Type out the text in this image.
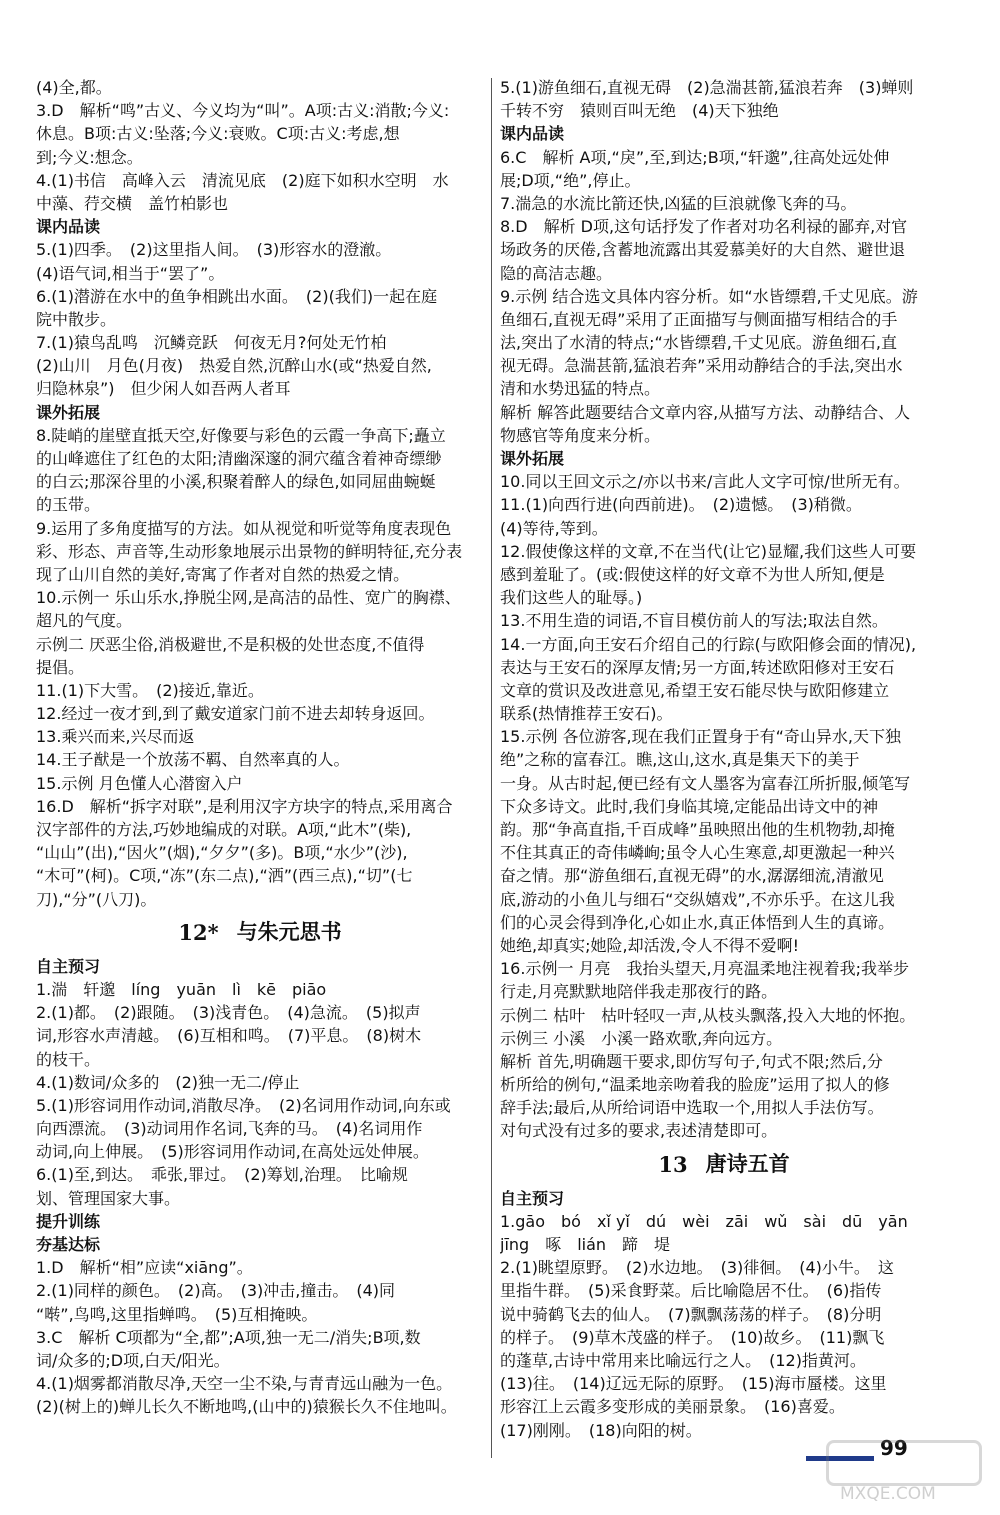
(4)全,都。
3.D　解析“鸣”古义、今义均为“叫”。A项:古义:消散;今义:
休息。B项:古义:坠落;今义:衰败。C项:古义:考虑,想
到;今义:想念。
4.(1)书信　高峰入云　清流见底　(2)庭下如积水空明　水
中藻、荇交横　盖竹柏影也
课内品读
5.(1)四季。　(2)这里指人间。　(3)形容水的澄澈。
(4)语气词,相当于“罢了”。
6.(1)潜游在水中的鱼争相跳出水面。　(2)(我们)一起在庭
院中散步。
7.(1)猿鸟乱鸣　沉鳞竞跃　何夜无月?何处无竹柏
(2)山川　月色(月夜)　热爱自然,沉醉山水(或“热爱自然,
归隐林泉”)　但少闲人如吾两人者耳
课外拓展
8.陡峭的崖壁直抵天空,好像要与彩色的云霞一争高下;矗立
的山峰遮住了红色的太阳;清幽深邃的洞穴蕴含着神奇缥缈
的白云;那深谷里的小溪,积聚着醉人的绿色,如同屈曲蜿蜒
的玉带。
9.运用了多角度描写的方法。如从视觉和听觉等角度表现色
彩、形态、声音等,生动形象地展示出景物的鲜明特征,充分表
现了山川自然的美好,寄寓了作者对自然的热爱之情。
10.示例一 乐山乐水,挣脱尘网,是高洁的品性、宽广的胸襟、
超凡的气度。
示例二 厌恶尘俗,消极避世,不是积极的处世态度,不值得
提倡。
11.(1)下大雪。　(2)接近,靠近。
12.经过一夜才到,到了戴安道家门前不进去却转身返回。
13.乘兴而来,兴尽而返
14.王子猷是一个放荡不羁、自然率真的人。
15.示例 月色懂人心潜窗入户
16.D　解析“拆字对联”,是利用汉字方块字的特点,采用离合
汉字部件的方法,巧妙地编成的对联。A项,“此木”(柴),
“山山”(出),“因火”(烟),“夕夕”(多)。B项,“水少”(沙),
“木可”(柯)。C项,“冻”(东二点),“洒”(西三点),“切”(七
刀),“分”(八刀)。
12* 与朱元思书
自主预习
1.湍　轩邈　líng　yuān　lì　kē　piāo
2.(1)都。　(2)跟随。　(3)浅青色。　(4)急流。　(5)拟声
词,形容水声清越。　(6)互相和鸣。　(7)平息。　(8)树木
的枝干。
4.(1)数词/众多的　(2)独一无二/停止
5.(1)形容词用作动词,消散尽净。　(2)名词用作动词,向东或
向西漂流。　(3)动词用作名词,飞奔的马。　(4)名词用作
动词,向上伸展。　(5)形容词用作动词,在高处远处伸展。
6.(1)至,到达。　乖张,罪过。　(2)筹划,治理。　比喻规
划、管理国家大事。
提升训练
夯基达标
1.D　解析“相”应读“xiāng”。
2.(1)同样的颜色。　(2)高。　(3)冲击,撞击。　(4)同
“啭”,鸟鸣,这里指蝉鸣。　(5)互相掩映。
3.C　解析 C项都为“全,都”;A项,独一无二/消失;B项,数
词/众多的;D项,白天/阳光。
4.(1)烟雾都消散尽净,天空一尘不染,与青青远山融为一色。
(2)(树上的)蝉儿长久不断地鸣,(山中的)猿猴长久不住地叫。
5.(1)游鱼细石,直视无碍　(2)急湍甚箭,猛浪若奔　(3)蝉则
千转不穷　猿则百叫无绝　(4)天下独绝
课内品读
6.C　解析 A项,“戾”,至,到达;B项,“轩邈”,往高处远处伸
展;D项,“绝”,停止。
7.湍急的水流比箭还快,凶猛的巨浪就像飞奔的马。
8.D　解析 D项,这句话抒发了作者对功名利禄的鄙弃,对官
场政务的厌倦,含蓄地流露出其爱慕美好的大自然、避世退
隐的高洁志趣。
9.示例 结合选文具体内容分析。如“水皆缥碧,千丈见底。游
鱼细石,直视无碍”采用了正面描写与侧面描写相结合的手
法,突出了水清的特点;“水皆缥碧,千丈见底。游鱼细石,直
视无碍。急湍甚箭,猛浪若奔”采用动静结合的手法,突出水
清和水势迅猛的特点。
解析 解答此题要结合文章内容,从描写方法、动静结合、人
物感官等角度来分析。
课外拓展
10.同以王回文示之/亦以书来/言此人文字可惊/世所无有。
11.(1)向西行进(向西前进)。　(2)遗憾。　(3)稍微。
(4)等待,等到。
12.假使像这样的文章,不在当代(让它)显耀,我们这些人可要
感到羞耻了。(或:假使这样的好文章不为世人所知,便是
我们这些人的耻辱。)
13.不用生造的词语,不盲目模仿前人的写法;取法自然。
14.一方面,向王安石介绍自己的行踪(与欧阳修会面的情况),
表达与王安石的深厚友情;另一方面,转述欧阳修对王安石
文章的赏识及改进意见,希望王安石能尽快与欧阳修建立
联系(热情推荐王安石)。
15.示例 各位游客,现在我们正置身于有“奇山异水,天下独
绝”之称的富春江。瞧,这山,这水,真是集天下的美于
一身。从古时起,便已经有文人墨客为富春江所折服,倾笔写
下众多诗文。此时,我们身临其境,定能品出诗文中的神
韵。那“争高直指,千百成峰”虽映照出他的生机物勃,却掩
不住其真正的奇伟嶙峋;虽令人心生寒意,却更激起一种兴
奋之情。那“游鱼细石,直视无碍”的水,潺潺细流,清澈见
底,游动的小鱼儿与细石“交纵嬉戏”,不亦乐乎。在这儿我
们的心灵会得到净化,心如止水,真正体悟到人生的真谛。
她绝,却真实;她险,却活泼,令人不得不爱啊!
16.示例一 月亮　我抬头望天,月亮温柔地注视着我;我举步
行走,月亮默默地陪伴我走那夜行的路。
示例二 枯叶　枯叶轻叹一声,从枝头飘落,投入大地的怀抱。
示例三 小溪　小溪一路欢歌,奔向远方。
解析 首先,明确题干要求,即仿写句子,句式不限;然后,分
析所给的例句,“温柔地亲吻着我的脸庞”运用了拟人的修
辞手法;最后,从所给词语中选取一个,用拟人手法仿写。
对句式没有过多的要求,表述清楚即可。
13 唐诗五首
自主预习
1.gāo　bó　xǐ yǐ　dú　wèi　zāi　wǔ　sài　dū　yān
jīng　啄　lián　蹄　堤
2.(1)眺望原野。　(2)水边地。　(3)徘徊。　(4)小牛。　这
里指牛群。　(5)采食野菜。后比喻隐居不仕。　(6)指传
说中骑鹤飞去的仙人。　(7)飘飘荡荡的样子。　(8)分明
的样子。　(9)草木茂盛的样子。　(10)故乡。　(11)飘飞
的蓬草,古诗中常用来比喻远行之人。　(12)指黄河。
(13)往。　(14)辽远无际的原野。　(15)海市蜃楼。这里
形容江上云霞多变形成的美丽景象。　(16)喜爱。
(17)刚刚。　(18)向阳的树。
99
MXQE.COM
